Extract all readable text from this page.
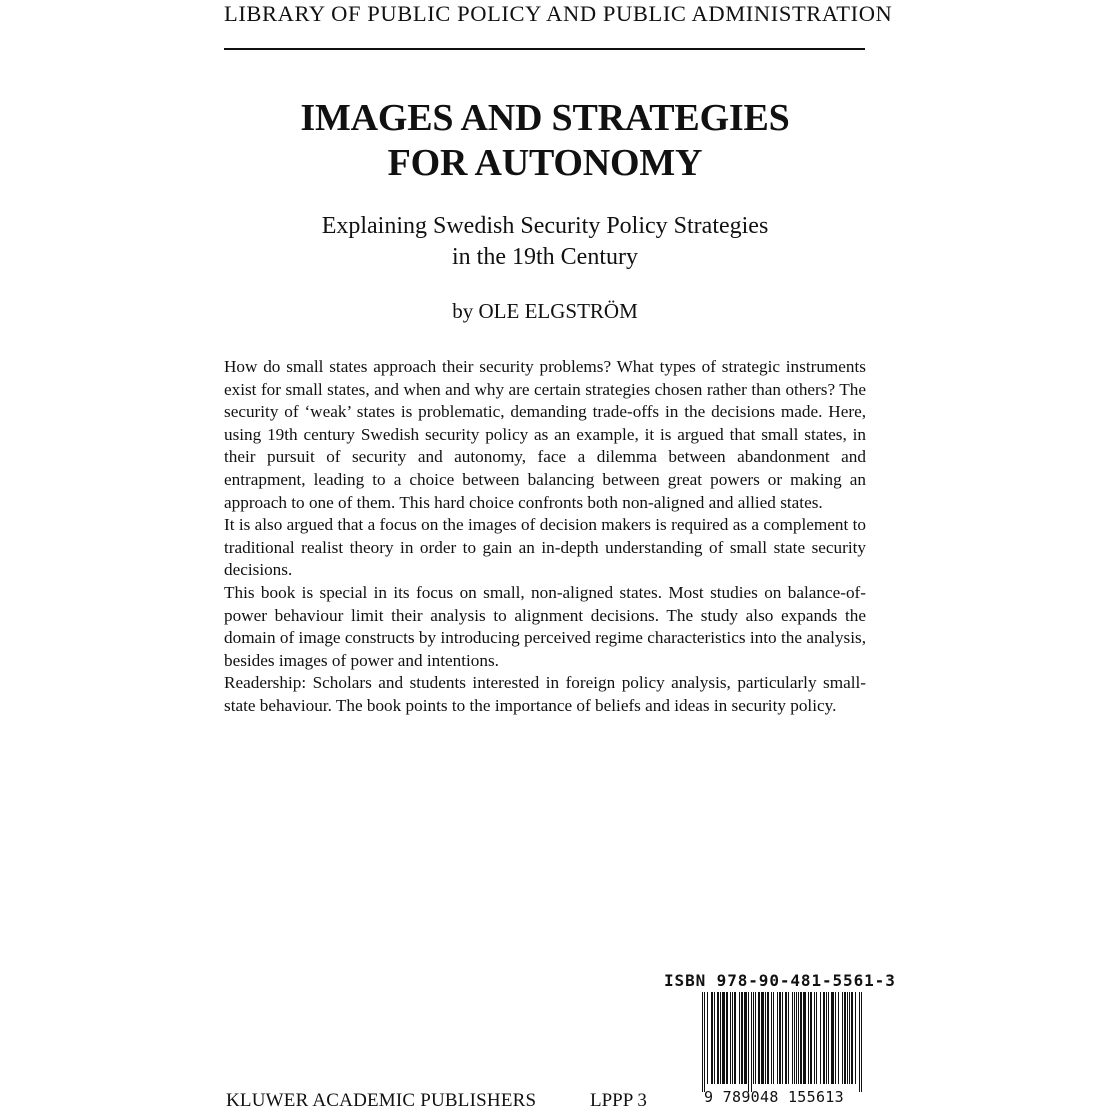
LIBRARY OF PUBLIC POLICY AND PUBLIC ADMINISTRATION
IMAGES AND STRATEGIES
FOR AUTONOMY
Explaining Swedish Security Policy Strategies
in the 19th Century
by OLE ELGSTRÖM

How do small states approach their security problems? What types of strategic instruments exist for small states, and when and why are certain strategies chosen rather than others? The security of ‘weak’ states is problematic, demanding trade-offs in the decisions made. Here, using 19th century Swedish security policy as an example, it is argued that small states, in their pursuit of security and autonomy, face a dilemma between abandonment and entrapment, leading to a choice between balancing between great powers or making an approach to one of them. This hard choice confronts both non-aligned and allied states.

It is also argued that a focus on the images of decision makers is required as a complement to traditional realist theory in order to gain an in-depth understanding of small state security decisions.

This book is special in its focus on small, non-aligned states. Most studies on balance-of-power behaviour limit their analysis to alignment decisions. The study also expands the domain of image constructs by introducing perceived regime characteristics into the analysis, besides images of power and intentions.

Readership: Scholars and students interested in foreign policy analysis, particularly small-state behaviour. The book points to the importance of beliefs and ideas in security policy.

ISBN 978-90-481-5561-3
9 789048 155613
KLUWER ACADEMIC PUBLISHERS	LPPP 3
